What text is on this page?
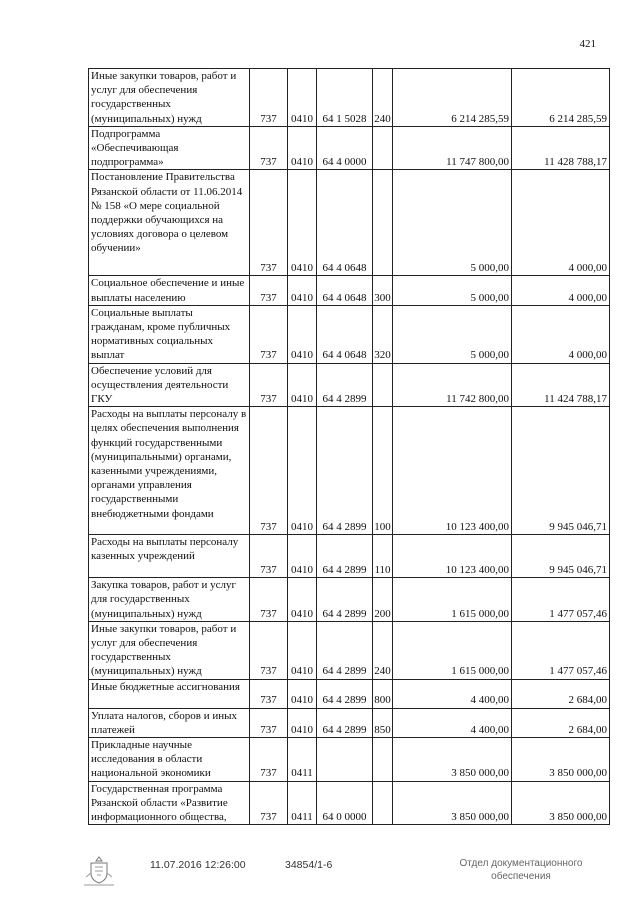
421
Иные закупки товаров, работ и услуг для обеспечения государственных (муниципальных) нужд	737	0410	64 1 5028	240	6 214 285,59	6 214 285,59
Подпрограмма «Обеспечивающая подпрограмма»	737	0410	64 4 0000		11 747 800,00	11 428 788,17
Постановление Правительства Рязанской области от 11.06.2014 № 158 «О мере социальной поддержки обучающихся на условиях договора о целевом обучении»	737	0410	64 4 0648		5 000,00	4 000,00
Социальное обеспечение и иные выплаты населению	737	0410	64 4 0648	300	5 000,00	4 000,00
Социальные выплаты гражданам, кроме публичных нормативных социальных выплат	737	0410	64 4 0648	320	5 000,00	4 000,00
Обеспечение условий для осуществления деятельности ГКУ	737	0410	64 4 2899		11 742 800,00	11 424 788,17
Расходы на выплаты персоналу в целях обеспечения выполнения функций государственными (муниципальными) органами, казенными учреждениями, органами управления государственными внебюджетными фондами	737	0410	64 4 2899	100	10 123 400,00	9 945 046,71
Расходы на выплаты персоналу казенных учреждений	737	0410	64 4 2899	110	10 123 400,00	9 945 046,71
Закупка товаров, работ и услуг для государственных (муниципальных) нужд	737	0410	64 4 2899	200	1 615 000,00	1 477 057,46
Иные закупки товаров, работ и услуг для обеспечения государственных (муниципальных) нужд	737	0410	64 4 2899	240	1 615 000,00	1 477 057,46
Иные бюджетные ассигнования	737	0410	64 4 2899	800	4 400,00	2 684,00
Уплата налогов, сборов и иных платежей	737	0410	64 4 2899	850	4 400,00	2 684,00
Прикладные научные исследования в области национальной экономики	737	0411			3 850 000,00	3 850 000,00
Государственная программа Рязанской области «Развитие информационного общества,	737	0411	64 0 0000		3 850 000,00	3 850 000,00
11.07.2016 12:26:00	34854/1-6	Отдел документационного обеспечения
